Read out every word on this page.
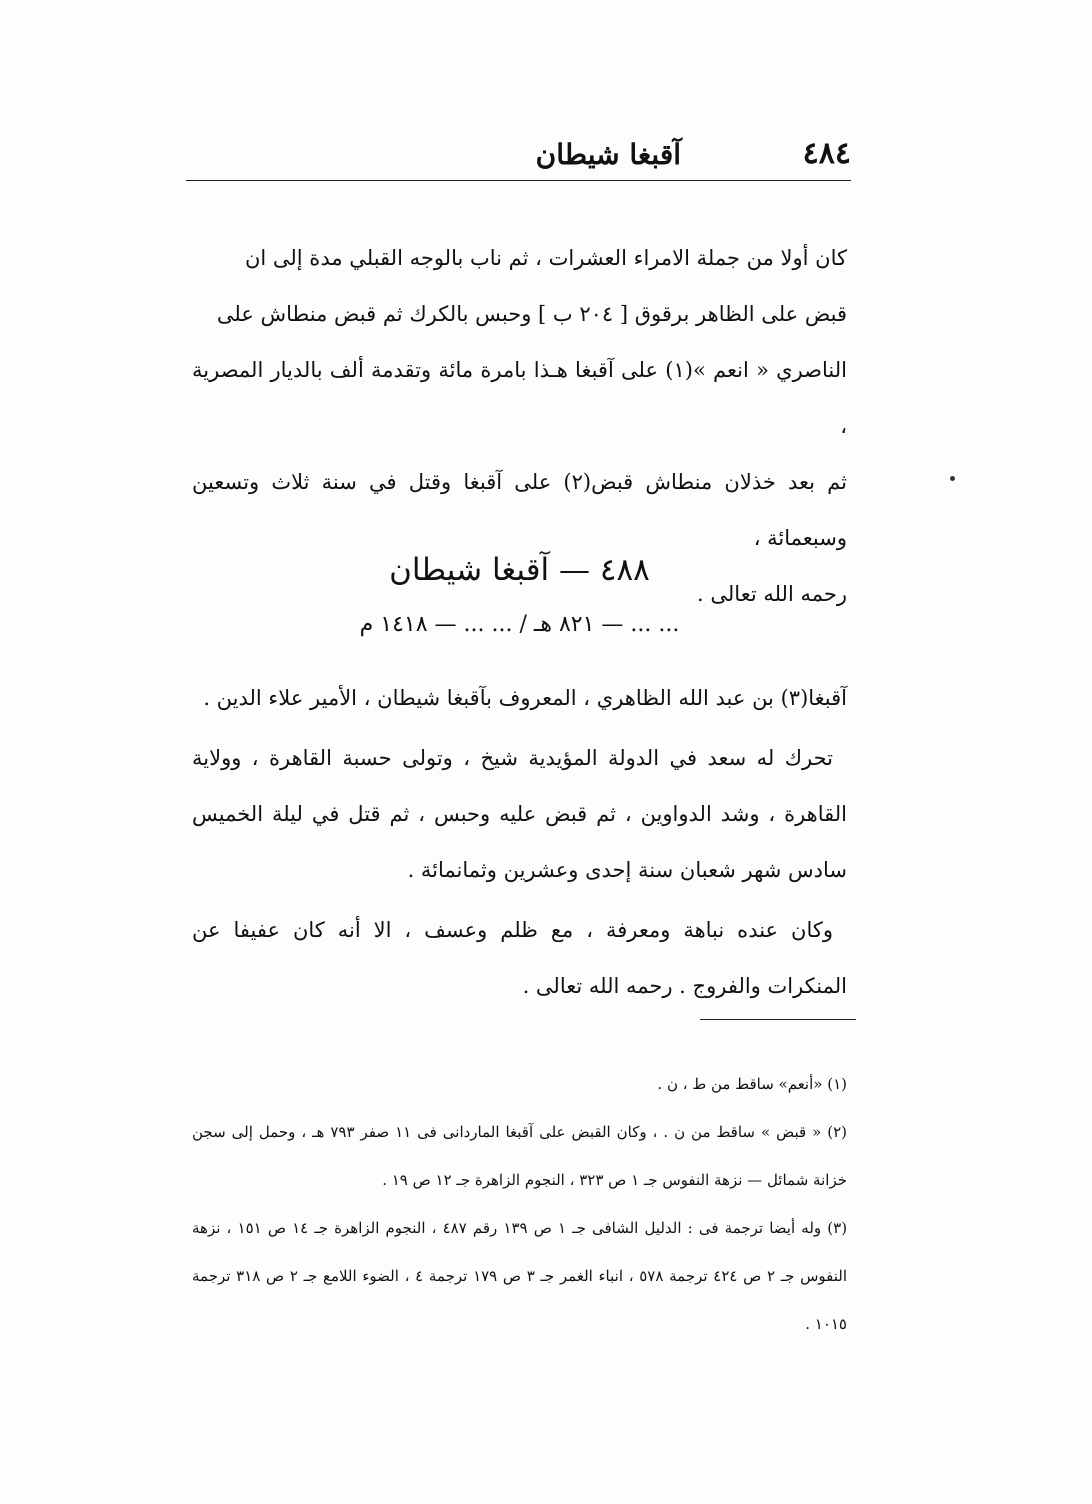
٤٨٤
آقبغا شيطان

كان أولا من جملة الامراء العشرات ، ثم ناب بالوجه القبلي مدة إلى ان

قبض على الظاهر برقوق [ ٢٠٤ ب ] وحبس بالكرك ثم قبض منطاش على

الناصري « انعم »(١) على آقبغا هـذا بامرة مائة وتقدمة ألف بالديار المصرية ،

ثم بعد خذلان منطاش قبض(٢) على آقبغا وقتل في سنة ثلاث وتسعين وسبعمائة ،

رحمه الله تعالى .

٤٨٨ — آقبغا شيطان
... ... — ٨٢١ هـ / ... ... — ١٤١٨ م

آقبغا(٣) بن عبد الله الظاهري ، المعروف بآقبغا شيطان ، الأمير علاء الدين .

تحرك له سعد في الدولة المؤيدية شيخ ، وتولى حسبة القاهرة ، وولاية القاهرة ، وشد الدواوين ، ثم قبض عليه وحبس ، ثم قتل في ليلة الخميس سادس شهر شعبان سنة إحدى وعشرين وثمانمائة .

وكان عنده نباهة ومعرفة ، مع ظلم وعسف ، الا أنه كان عفيفا عن المنكرات والفروج . رحمه الله تعالى .

(١) «أنعم» ساقط من ط ، ن .

(٢) « قبض » ساقط من ن . ، وكان القبض على آقبغا الماردانى فى ١١ صفر ٧٩٣ هـ ، وحمل إلى سجن خزانة شمائل — نزهة النفوس جـ ١ ص ٣٢٣ ، النجوم الزاهرة جـ ١٢ ص ١٩ .

(٣) وله أيضا ترجمة فى : الدليل الشافى جـ ١ ص ١٣٩ رقم ٤٨٧ ، النجوم الزاهرة جـ ١٤ ص ١٥١ ، نزهة النفوس جـ ٢ ص ٤٢٤ ترجمة ٥٧٨ ، انباء الغمر جـ ٣ ص ١٧٩ ترجمة ٤ ، الضوء اللامع جـ ٢ ص ٣١٨ ترجمة ١٠١٥ .
